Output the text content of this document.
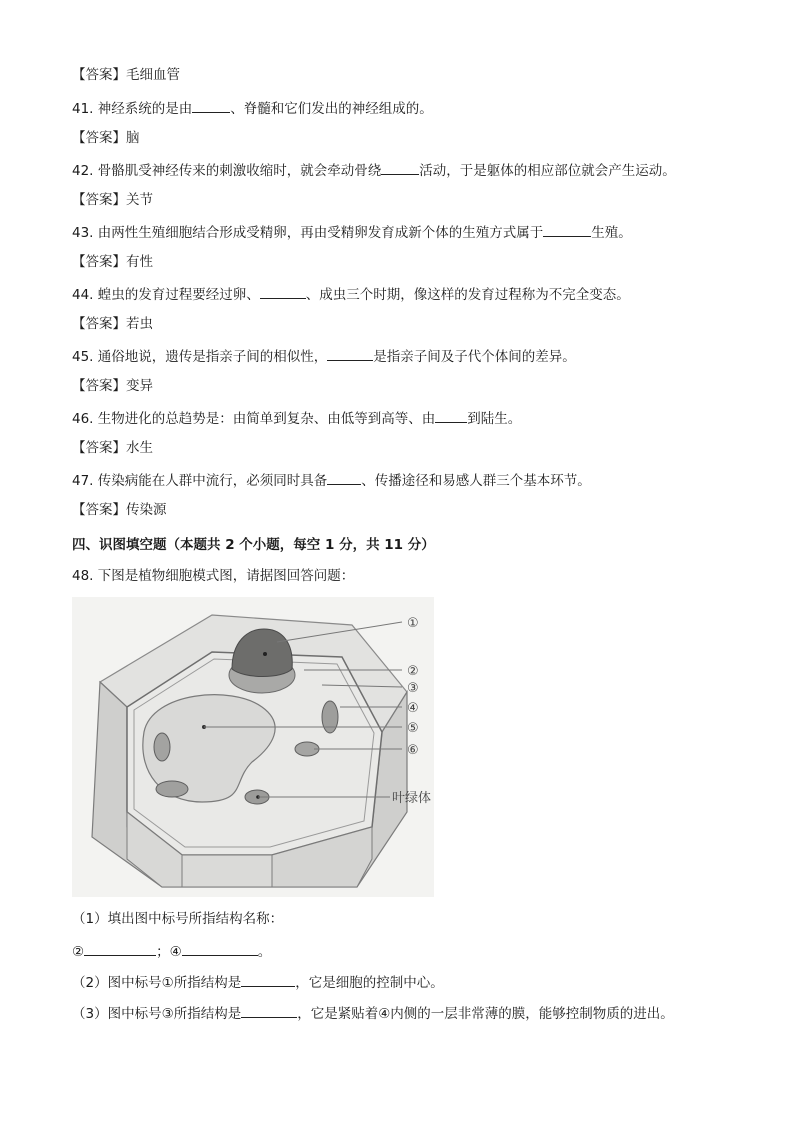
【答案】毛细血管
41. 神经系统的是由	、脊髓和它们发出的神经组成的。
【答案】脑
42. 骨骼肌受神经传来的刺激收缩时，就会牵动骨绕	活动，于是躯体的相应部位就会产生运动。
【答案】关节
43. 由两性生殖细胞结合形成受精卵，再由受精卵发育成新个体的生殖方式属于	生殖。
【答案】有性
44. 蝗虫的发育过程要经过卵、	、成虫三个时期，像这样的发育过程称为不完全变态。
【答案】若虫
45. 通俗地说，遗传是指亲子间的相似性，	是指亲子间及子代个体间的差异。
【答案】变异
46. 生物进化的总趋势是：由简单到复杂、由低等到高等、由 到陆生。
【答案】水生
47. 传染病能在人群中流行，必须同时具备	、传播途径和易感人群三个基本环节。
【答案】传染源
四、识图填空题（本题共 2 个小题，每空 1 分，共 11 分）
48. 下图是植物细胞模式图，请据图回答问题：
①
②
③
④
⑤
⑥
叶绿体
（1）填出图中标号所指结构名称：
②	；④	。
（2）图中标号①所指结构是	，它是细胞的控制中心。
（3）图中标号③所指结构是	，它是紧贴着④内侧的一层非常薄的膜，能够控制物质的进出。
